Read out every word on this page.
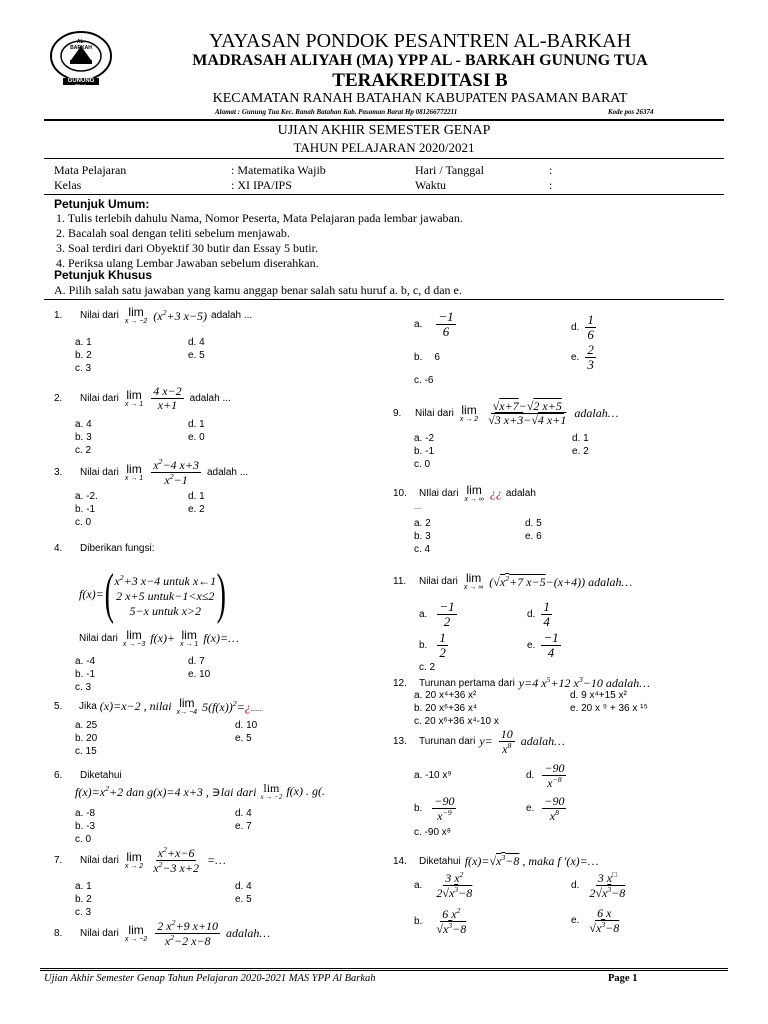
GUNUNG TUA
AL-BARKAH	YAYASAN PONDOK PESANTREN AL-BARKAH
MADRASAH ALIYAH (MA) YPP AL - BARKAH GUNUNG TUA
TERAKREDITASI B
KECAMATAN RANAH BATAHAN KABUPATEN PASAMAN BARAT
Alamat : Gunung Tua Kec. Ranah Batahan Kab. Pasaman Barat Hp 081266772211	Kode pos 26374
UJIAN AKHIR SEMESTER GENAP
TAHUN PELAJARAN 2020/2021
Mata Pelajaran	: Matematika Wajib	Hari / Tanggal	:
Kelas	: XI IPA/IPS	Waktu	:
Petunjuk Umum:
1. Tulis terlebih dahulu Nama, Nomor Peserta, Mata Pelajaran pada lembar jawaban.
2. Bacalah soal dengan teliti sebelum menjawab.
3. Soal terdiri dari Obyektif 30 butir dan Essay 5 butir.
4. Periksa ulang Lembar Jawaban sebelum diserahkan.
Petunjuk Khusus
A. Pilih salah satu jawaban yang kamu anggap benar salah satu huruf a. b, c, d dan e.
1.	Nilai dari lim
x → −2 ($x^2+3$ x−5) adalah ...
a. 1	d. 4
b. 2	e. 5
c. 3
2.	Nilai dari lim
$x \to 1 \frac{4 x-2}{x+1}$ adalah ...
a. 4	d. 1
b. 3	e. 0
c. 2
3.	Nilai dari lim
$x \to 1 \frac{x^2-4 x+3}{x^2-1}$ adalah ...
a. -2.	d. 1
b. -1	e. 2
c. 0
4.	Diberikan fungsi:
f(x)= ( $x^2+3$ x−4 untuk x←1
2 x+5 untuk−1<x≤2
5−x untuk x>2 )
Nilai dari lim
x → −3 f(x)+ lim
x → 1 f(x)=…
a. -4	d. 7
b. -1	e. 10
c. 3
5.	Jika (x)=x−2 , nilai lim
x→ −4 $5(f(x))^2=¿$.......
a. 25	d. 10
b. 20	e. 5
c. 15
6.	Diketahui
$f(x)=x^2+2$ dan g(x)=4 x+3 , ∋lai dari lim
x → −2 f(x) . g(.
a. -8	d. 4
b. -3	e. 7
c. 0
7.	Nilai dari lim
$x \to 2 \frac{x^2+x-6}{x^2-3 x+2}$ =…
a. 1	d. 4
b. 2	e. 5
c. 3
8.	Nilai dari lim
$x \to -2 \frac{2 x^2+9 x+10}{x^2-2 x-8}$ adalah…
a. $\frac{-1}{6}$	d. $\frac{1}{6}$
b. 6	e. $\frac{2}{3}$
c. -6
9.	Nilai dari lim
$x \to 2 \frac{√x+7-√2 x+5}{√3 x+3-√4 x+1}$ adalah…
a. -2	d. 1
b. -1	e. 2
c. 0
10.	NIlai dari lim
x → ∞ ¿¿ adalah
....
a. 2	d. 5
b. 3	e. 6
c. 4
11.	Nilai dari lim
x → ∞ ($√x^2+7$ x−5−(x+4)) adalah…
a. $\frac{-1}{2}$	d. $\frac{1}{4}$
b. $\frac{1}{2}$	e. $\frac{-1}{4}$
c. 2
12.	Turunan pertama dari y=4 $x^5+12$ $x^3-10$ adalah…
a. 20 x⁴+36 x²	d. 9 x⁴+15 x²
b. 20 x⁶+36 x⁴	e. 20 x ⁹ + 36 x ¹⁵
c. 20 x⁶+36 x⁴-10 x
13.	Turunan dari $y= \frac{10}{x^8}$ adalah…
a. -10 x⁹	d. $\frac{-90}{x^{-8}}$
b. $\frac{-90}{x^{-9}}$	e. $\frac{-90}{x^8}$
c. -90 x⁸
14.	Diketahui $f(x)=√x^3-8$ , maka f ′(x)=…
a. $\frac{3 x^2}{2√x^3-8}$	d. $\frac{3 x^□}{2√x^3-8}$
b. $\frac{6 x^2}{√x^3-8}$	e. $\frac{6 x}{√x^3-8}$
Ujian Akhir Semester Genap Tahun Pelajaran 2020-2021 MAS YPP Al Barkah	Page 1
